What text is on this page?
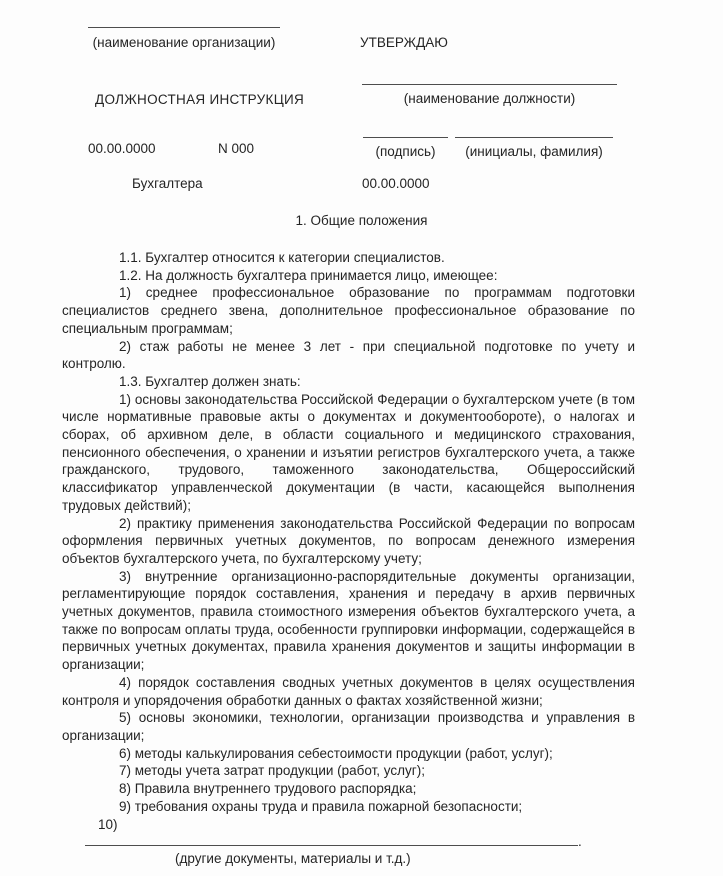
(наименование организации)	УТВЕРЖДАЮ
ДОЛЖНОСТНАЯ ИНСТРУКЦИЯ	(наименование должности)
00.00.0000	N 000	(подпись)	(инициалы, фамилия)
Бухгалтера	00.00.0000
1. Общие положения

1.1. Бухгалтер относится к категории специалистов.

1.2. На должность бухгалтера принимается лицо, имеющее:

1) среднее профессиональное образование по программам подготовки специалистов среднего звена, дополнительное профессиональное образование по специальным программам;

2) стаж работы не менее 3 лет - при специальной подготовке по учету и контролю.

1.3. Бухгалтер должен знать:

1) основы законодательства Российской Федерации о бухгалтерском учете (в том числе нормативные правовые акты о документах и документообороте), о налогах и сборах, об архивном деле, в области социального и медицинского страхования, пенсионного обеспечения, о хранении и изъятии регистров бухгалтерского учета, а также гражданского, трудового, таможенного законодательства, Общероссийский классификатор управленческой документации (в части, касающейся выполнения трудовых действий);

2) практику применения законодательства Российской Федерации по вопросам оформления первичных учетных документов, по вопросам денежного измерения объектов бухгалтерского учета, по бухгалтерскому учету;

3) внутренние организационно-распорядительные документы организации, регламентирующие порядок составления, хранения и передачу в архив первичных учетных документов, правила стоимостного измерения объектов бухгалтерского учета, а также по вопросам оплаты труда, особенности группировки информации, содержащейся в первичных учетных документах, правила хранения документов и защиты информации в организации;

4) порядок составления сводных учетных документов в целях осуществления контроля и упорядочения обработки данных о фактах хозяйственной жизни;

5) основы экономики, технологии, организации производства и управления в организации;

6) методы калькулирования себестоимости продукции (работ, услуг);

7) методы учета затрат продукции (работ, услуг);

8) Правила внутреннего трудового распорядка;

9) требования охраны труда и правила пожарной безопасности;

10)

.
(другие документы, материалы и т.д.)
